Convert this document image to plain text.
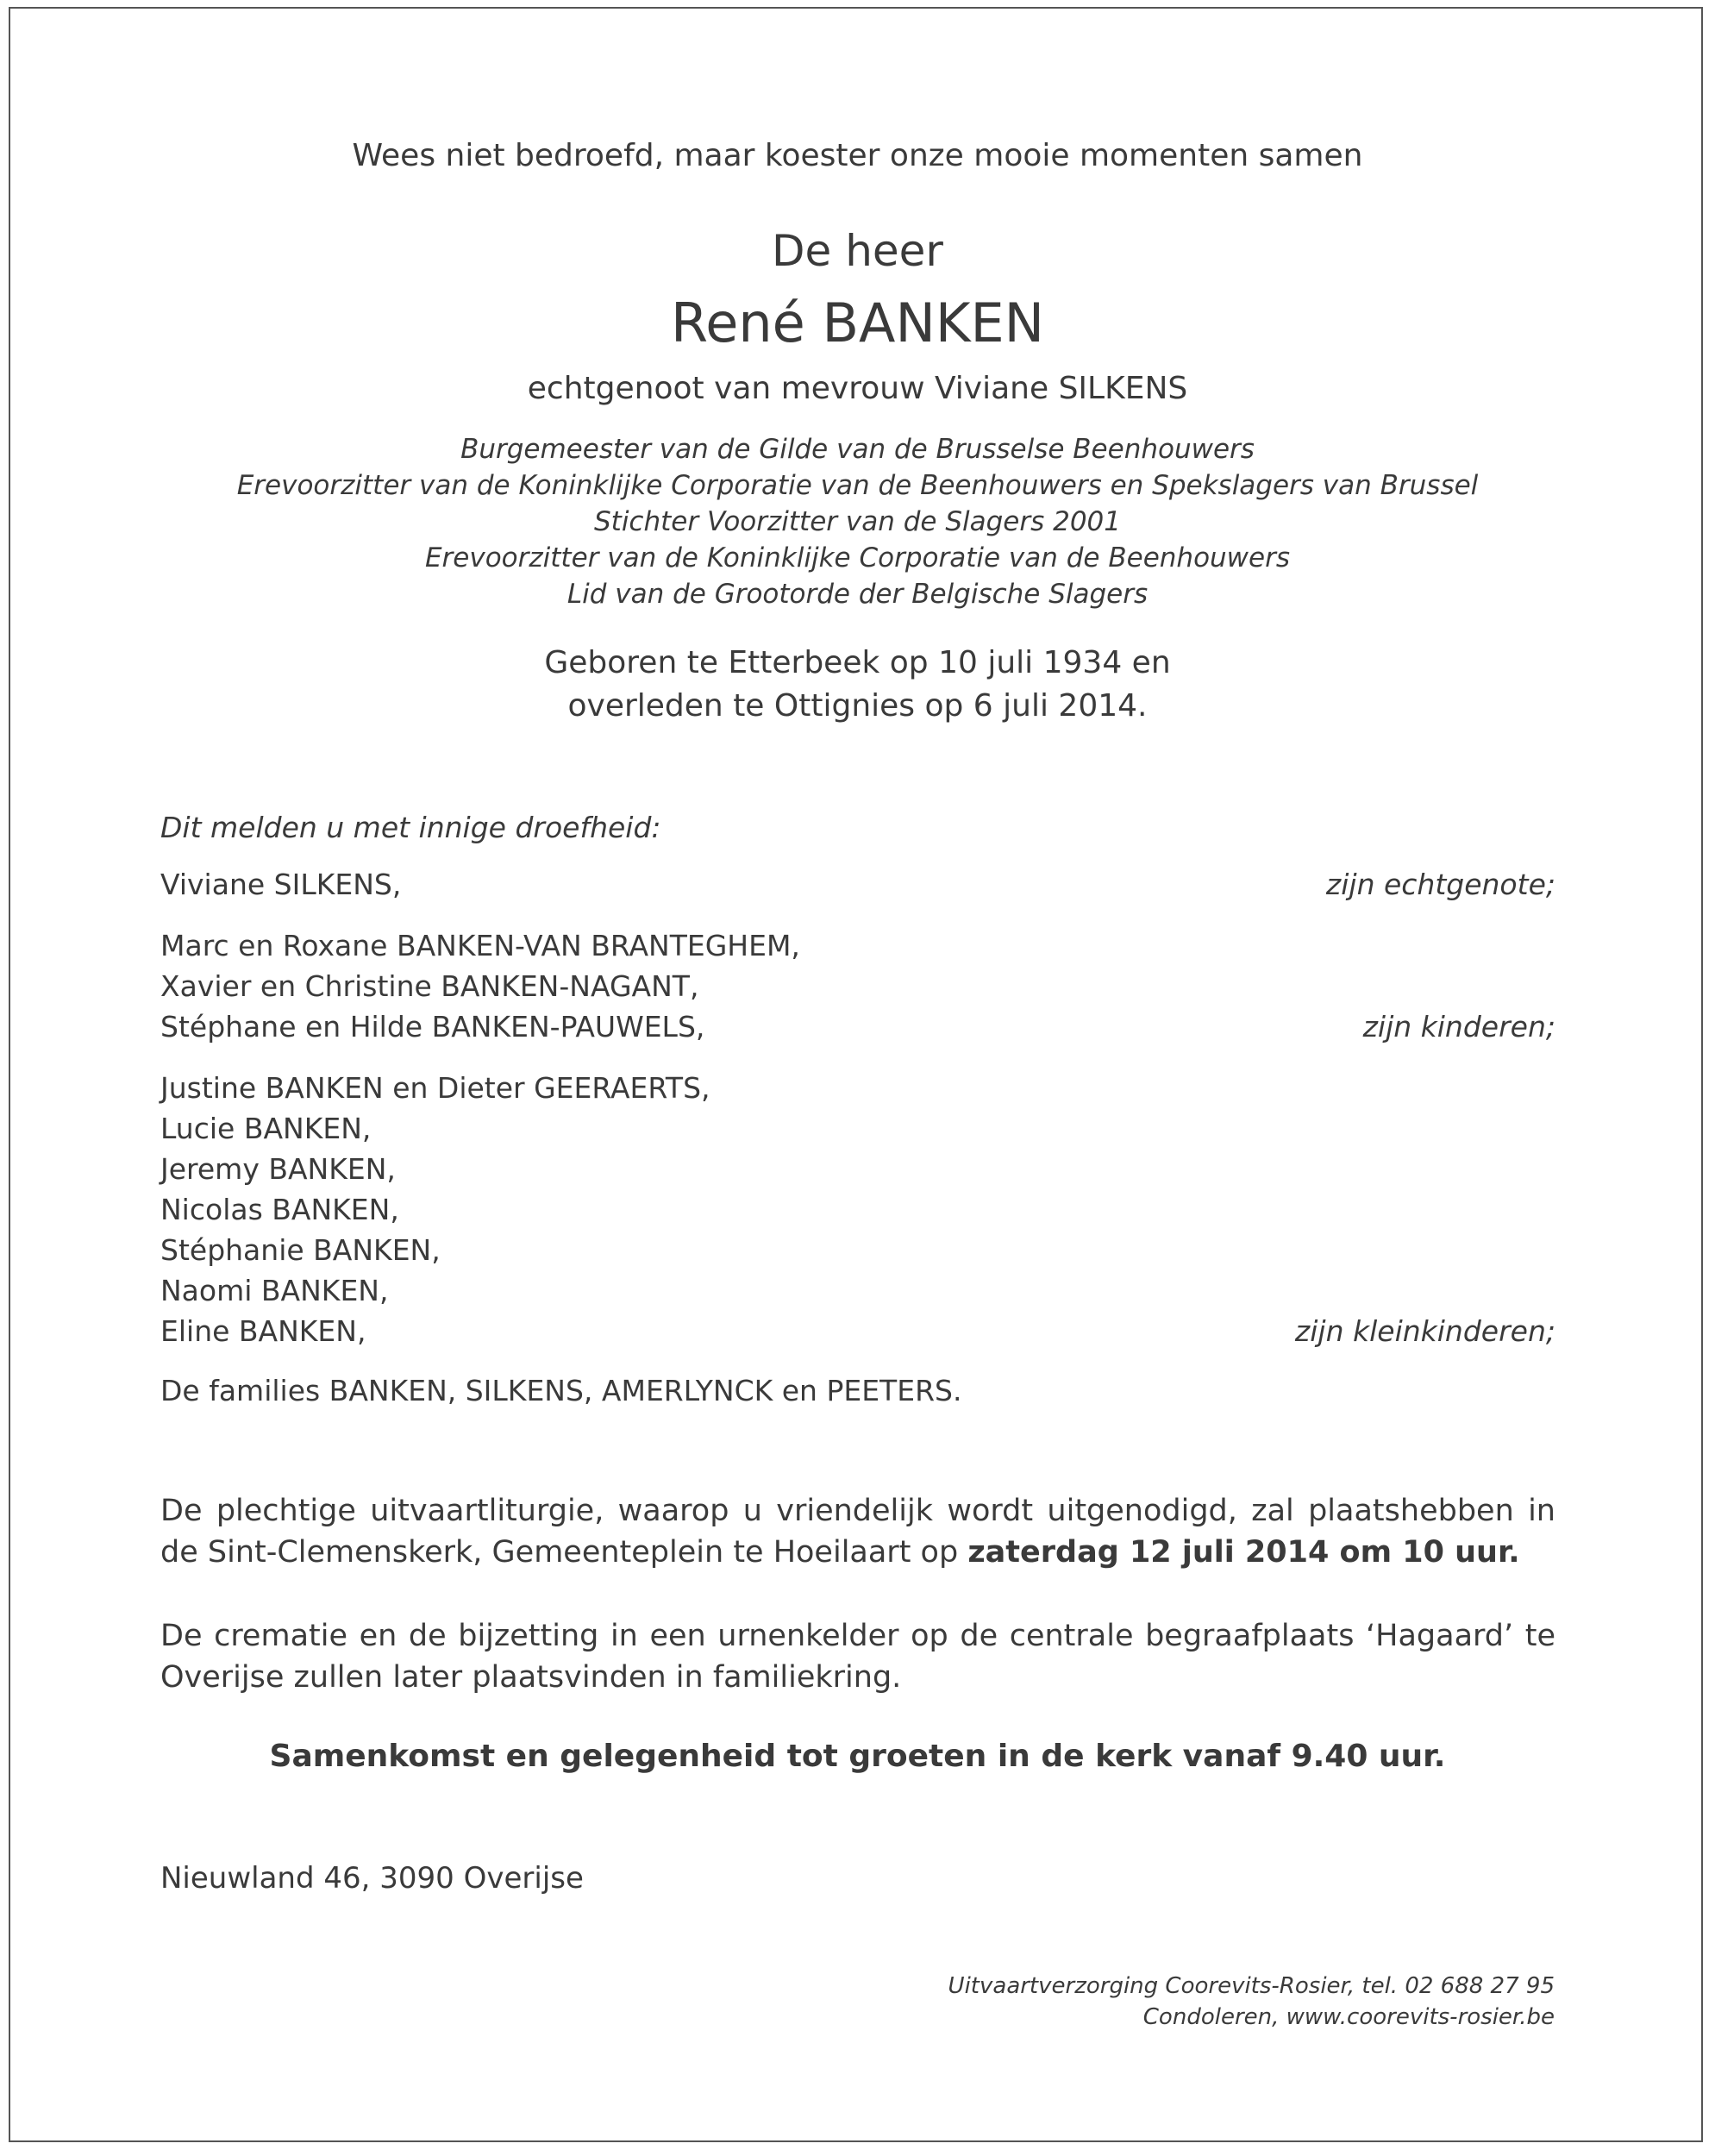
Wees niet bedroefd, maar koester onze mooie momenten samen
De heer
René BANKEN
echtgenoot van mevrouw Viviane SILKENS
Burgemeester van de Gilde van de Brusselse Beenhouwers
Erevoorzitter van de Koninklijke Corporatie van de Beenhouwers en Spekslagers van Brussel
Stichter Voorzitter van de Slagers 2001
Erevoorzitter van de Koninklijke Corporatie van de Beenhouwers
Lid van de Grootorde der Belgische Slagers
Geboren te Etterbeek op 10 juli 1934 en
overleden te Ottignies op 6 juli 2014.
Dit melden u met innige droefheid:
Viviane SILKENS,	zijn echtgenote;
Marc en Roxane BANKEN-VAN BRANTEGHEM,
Xavier en Christine BANKEN-NAGANT,
Stéphane en Hilde BANKEN-PAUWELS,	zijn kinderen;
Justine BANKEN en Dieter GEERAERTS,
Lucie BANKEN,
Jeremy BANKEN,
Nicolas BANKEN,
Stéphanie BANKEN,
Naomi BANKEN,
Eline BANKEN,	zijn kleinkinderen;
De families BANKEN, SILKENS, AMERLYNCK en PEETERS.
De plechtige uitvaartliturgie, waarop u vriendelijk wordt uitgenodigd, zal plaatshebben in de Sint-Clemenskerk, Gemeenteplein te Hoeilaart op zaterdag 12 juli 2014 om 10 uur.
De crematie en de bijzetting in een urnenkelder op de centrale begraafplaats ‘Hagaard’ te Overijse zullen later plaatsvinden in familiekring.
Samenkomst en gelegenheid tot groeten in de kerk vanaf 9.40 uur.
Nieuwland 46, 3090 Overijse
Uitvaartverzorging Coorevits-Rosier, tel. 02 688 27 95
Condoleren, www.coorevits-rosier.be
